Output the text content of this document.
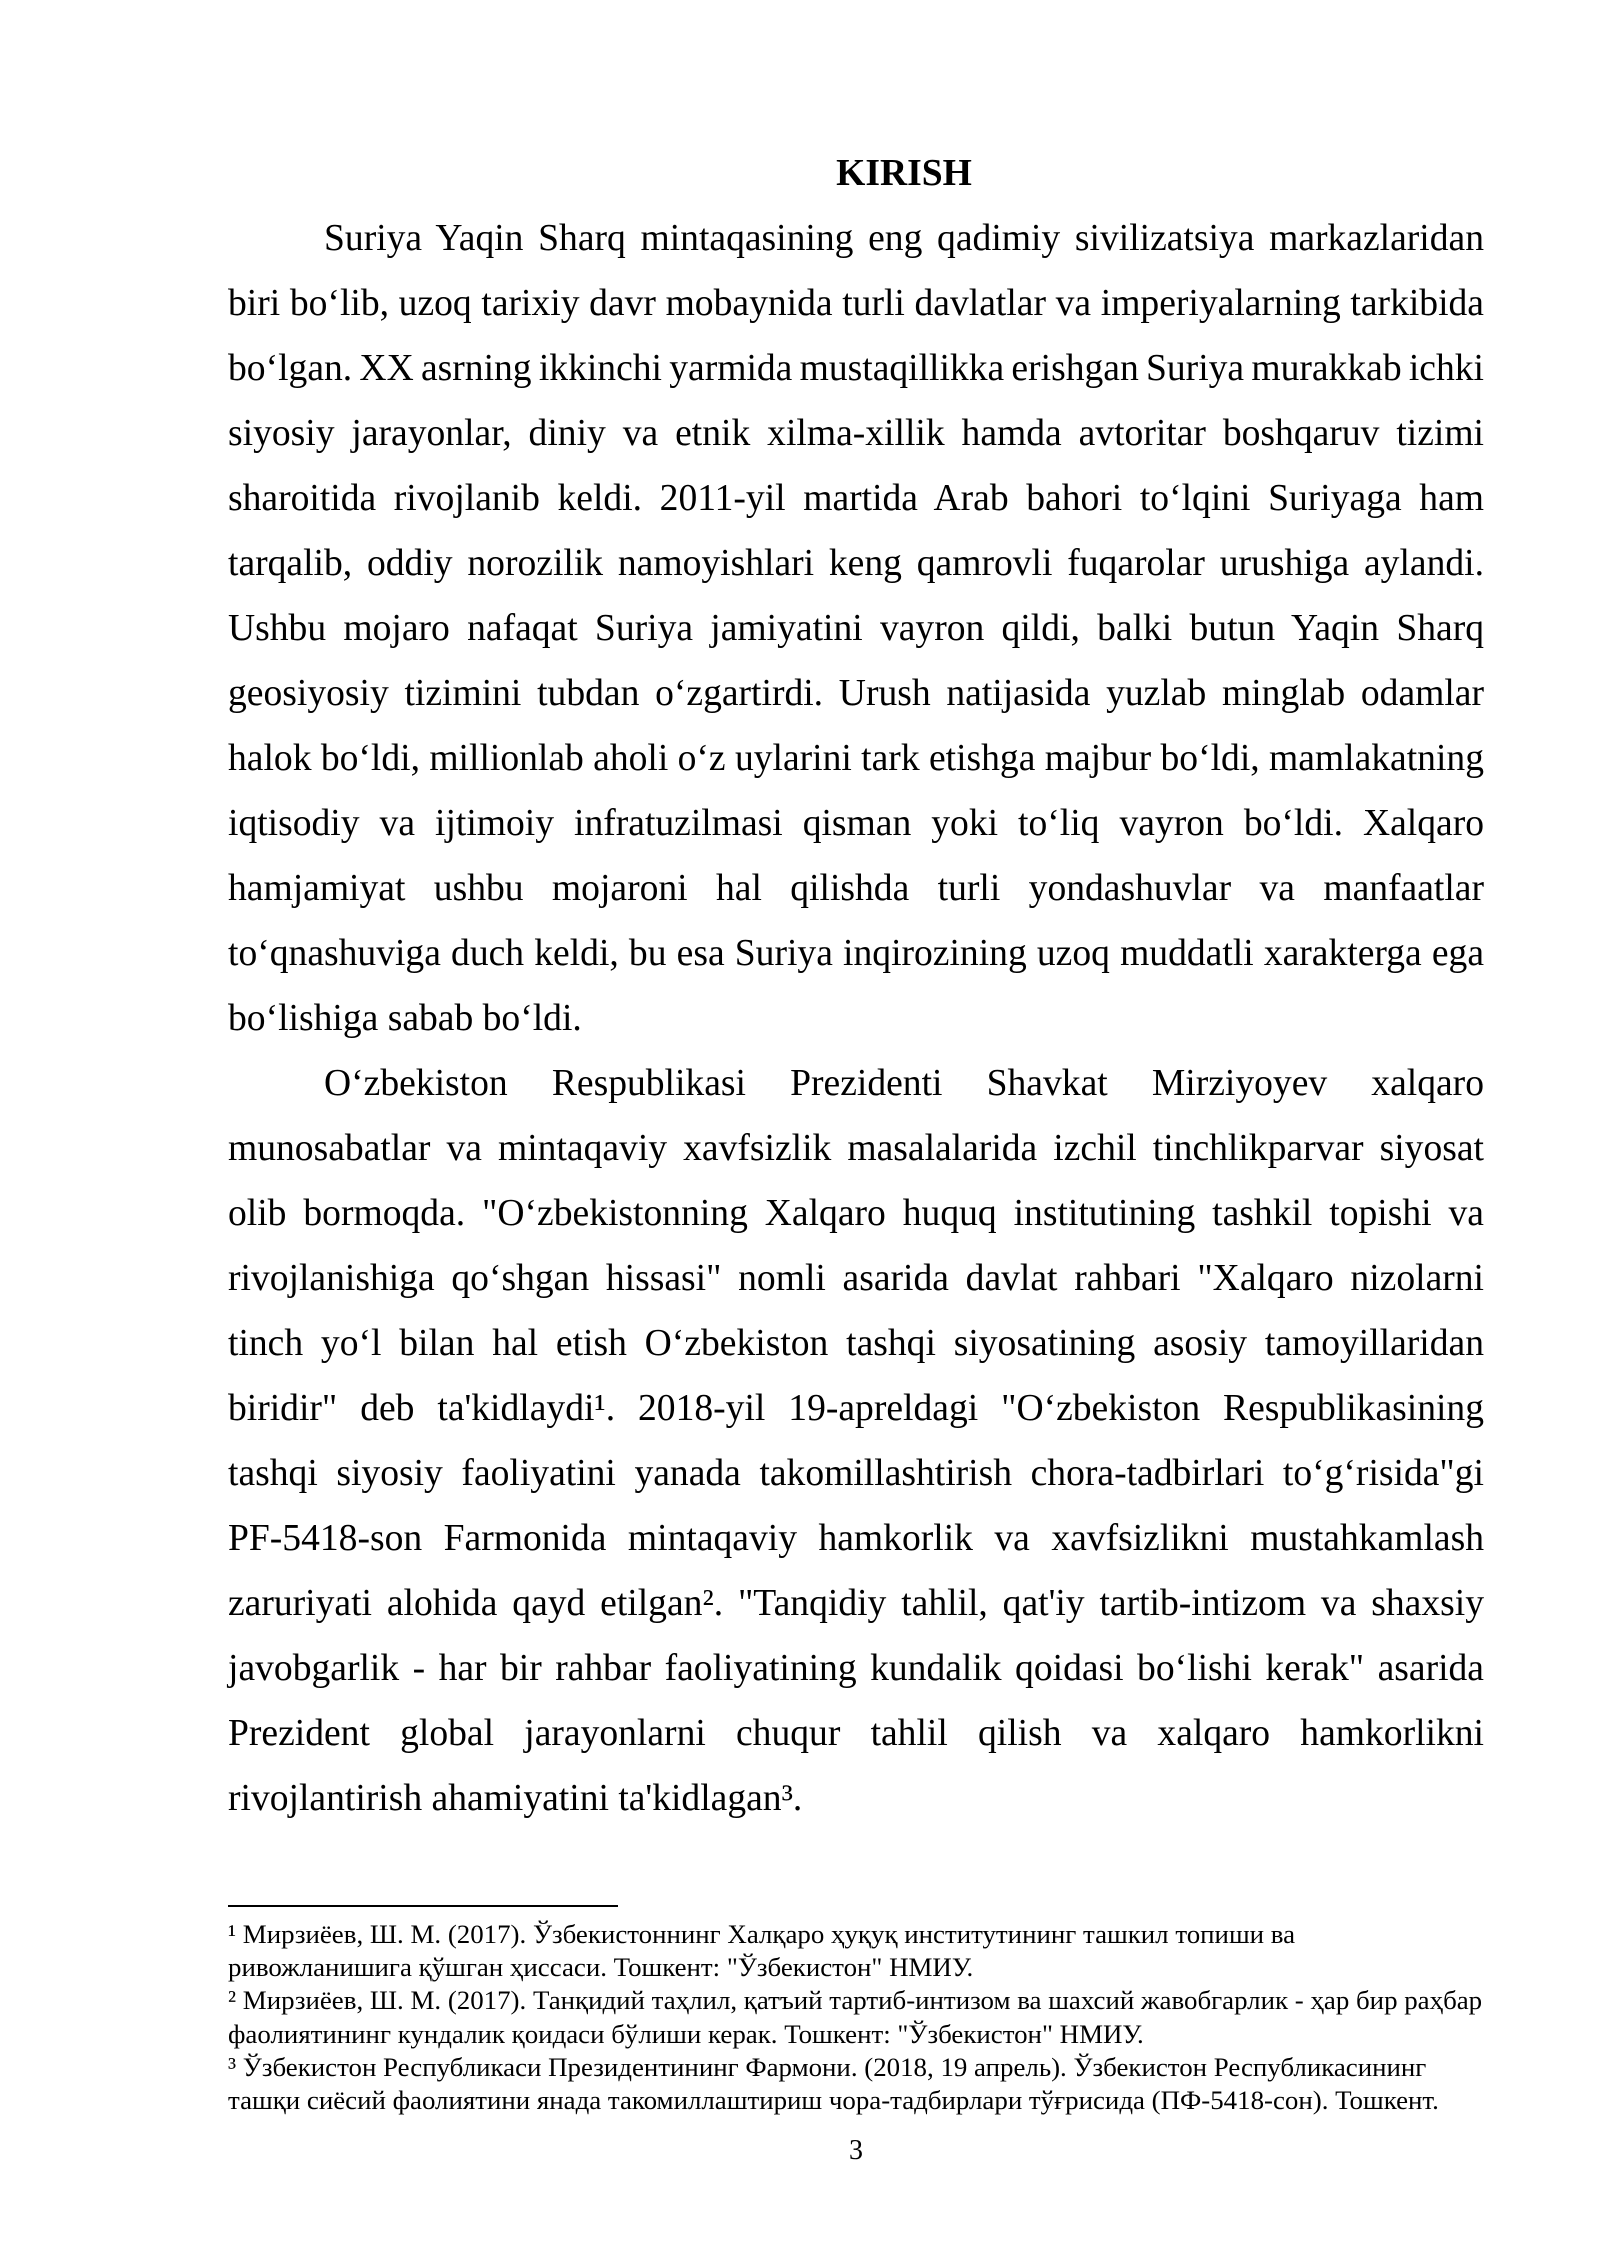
KIRISH
Suriya Yaqin Sharq mintaqasining eng qadimiy sivilizatsiya markazlaridan
biri bo‘lib, uzoq tarixiy davr mobaynida turli davlatlar va imperiyalarning tarkibida
bo‘lgan. XX asrning ikkinchi yarmida mustaqillikka erishgan Suriya murakkab ichki
siyosiy jarayonlar, diniy va etnik xilma-xillik hamda avtoritar boshqaruv tizimi
sharoitida rivojlanib keldi. 2011-yil martida Arab bahori to‘lqini Suriyaga ham
tarqalib, oddiy norozilik namoyishlari keng qamrovli fuqarolar urushiga aylandi.
Ushbu mojaro nafaqat Suriya jamiyatini vayron qildi, balki butun Yaqin Sharq
geosiyosiy tizimini tubdan o‘zgartirdi. Urush natijasida yuzlab minglab odamlar
halok bo‘ldi, millionlab aholi o‘z uylarini tark etishga majbur bo‘ldi, mamlakatning
iqtisodiy va ijtimoiy infratuzilmasi qisman yoki to‘liq vayron bo‘ldi. Xalqaro
hamjamiyat ushbu mojaroni hal qilishda turli yondashuvlar va manfaatlar
to‘qnashuviga duch keldi, bu esa Suriya inqirozining uzoq muddatli xarakterga ega
bo‘lishiga sabab bo‘ldi.
O‘zbekiston Respublikasi Prezidenti Shavkat Mirziyoyev xalqaro
munosabatlar va mintaqaviy xavfsizlik masalalarida izchil tinchlikparvar siyosat
olib bormoqda. "O‘zbekistonning Xalqaro huquq institutining tashkil topishi va
rivojlanishiga qo‘shgan hissasi" nomli asarida davlat rahbari "Xalqaro nizolarni
tinch yo‘l bilan hal etish O‘zbekiston tashqi siyosatining asosiy tamoyillaridan
biridir" deb ta'kidlaydi¹. 2018-yil 19-apreldagi "O‘zbekiston Respublikasining
tashqi siyosiy faoliyatini yanada takomillashtirish chora-tadbirlari to‘g‘risida"gi
PF-5418-son Farmonida mintaqaviy hamkorlik va xavfsizlikni mustahkamlash
zaruriyati alohida qayd etilgan². "Tanqidiy tahlil, qat'iy tartib-intizom va shaxsiy
javobgarlik - har bir rahbar faoliyatining kundalik qoidasi bo‘lishi kerak" asarida
Prezident global jarayonlarni chuqur tahlil qilish va xalqaro hamkorlikni
rivojlantirish ahamiyatini ta'kidlagan³.
¹ Мирзиёев, Ш. М. (2017). Ўзбекистоннинг Халқаро ҳуқуқ институтининг ташкил топиши ва
ривожланишига қўшган ҳиссаси. Тошкент: "Ўзбекистон" НМИУ.
² Мирзиёев, Ш. М. (2017). Танқидий таҳлил, қатъий тартиб-интизом ва шахсий жавобгарлик - ҳар бир раҳбар
фаолиятининг кундалик қоидаси бўлиши керак. Тошкент: "Ўзбекистон" НМИУ.
³ Ўзбекистон Республикаси Президентининг Фармони. (2018, 19 апрель). Ўзбекистон Республикасининг
ташқи сиёсий фаолиятини янада такомиллаштириш чора-тадбирлари тўғрисида (ПФ-5418-сон). Тошкент.
3
